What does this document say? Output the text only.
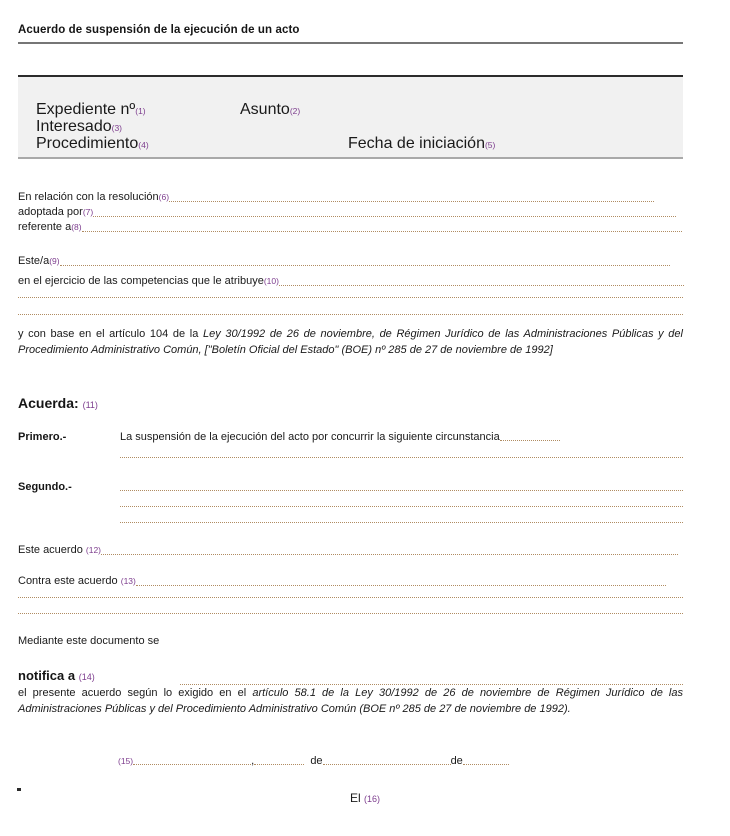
Acuerdo de suspensión de la ejecución de un acto
Expediente nº(1)	Asunto(2)
Interesado(3)
Procedimiento(4)	Fecha de iniciación(5)
En relación con la resolución(6)
adoptada por(7)
referente a(8)
Este/a(9)
en el ejercicio de las competencias que le atribuye(10)
y con base en el artículo 104 de la Ley 30/1992 de 26 de noviembre, de Régimen Jurídico de las Administraciones Públicas y del Procedimiento Administrativo Común, ["Boletín Oficial del Estado" (BOE) nº 285 de 27 de noviembre de 1992]
Acuerda: (11)
Primero.-	La suspensión de la ejecución del acto por concurrir la siguiente circunstancia
Segundo.-
Este acuerdo (12)
Contra este acuerdo (13)
Mediante este documento se
notifica a (14)
el presente acuerdo según lo exigido en el artículo 58.1 de la Ley 30/1992 de 26 de noviembre de Régimen Jurídico de las Administraciones Públicas y del Procedimiento Administrativo Común (BOE nº 285 de 27 de noviembre de 1992).
(15)	,	de	de
El (16)
